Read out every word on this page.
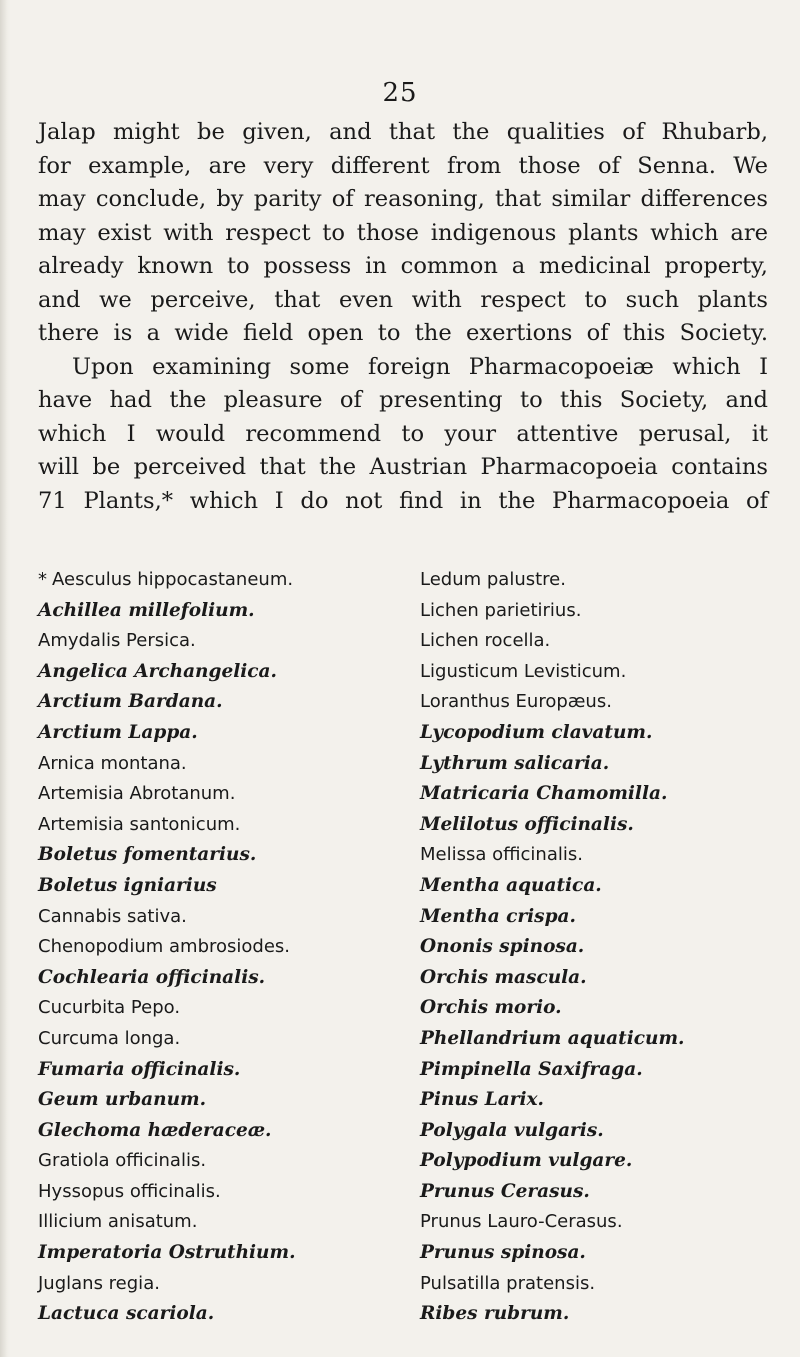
25
Jalap might be given, and that the qualities of Rhubarb,
for example, are very different from those of Senna. We
may conclude, by parity of reasoning, that similar differences
may exist with respect to those indigenous plants which are
already known to possess in common a medicinal property,
and we perceive, that even with respect to such plants
there is a wide field open to the exertions of this Society.
Upon examining some foreign Pharmacopoeiæ which I
have had the pleasure of presenting to this Society, and
which I would recommend to your attentive perusal, it
will be perceived that the Austrian Pharmacopoeia contains
71 Plants,* which I do not find in the Pharmacopoeia of
* Aesculus hippocastaneum.
Achillea millefolium.
Amydalis Persica.
Angelica Archangelica.
Arctium Bardana.
Arctium Lappa.
Arnica montana.
Artemisia Abrotanum.
Artemisia santonicum.
Boletus fomentarius.
Boletus igniarius
Cannabis sativa.
Chenopodium ambrosiodes.
Cochlearia officinalis.
Cucurbita Pepo.
Curcuma longa.
Fumaria officinalis.
Geum urbanum.
Glechoma hæderaceæ.
Gratiola officinalis.
Hyssopus officinalis.
Illicium anisatum.
Imperatoria Ostruthium.
Juglans regia.
Lactuca scariola.
Ledum palustre.
Lichen parietirius.
Lichen rocella.
Ligusticum Levisticum.
Loranthus Europæus.
Lycopodium clavatum.
Lythrum salicaria.
Matricaria Chamomilla.
Melilotus officinalis.
Melissa officinalis.
Mentha aquatica.
Mentha crispa.
Ononis spinosa.
Orchis mascula.
Orchis morio.
Phellandrium aquaticum.
Pimpinella Saxifraga.
Pinus Larix.
Polygala vulgaris.
Polypodium vulgare.
Prunus Cerasus.
Prunus Lauro-Cerasus.
Prunus spinosa.
Pulsatilla pratensis.
Ribes rubrum.
